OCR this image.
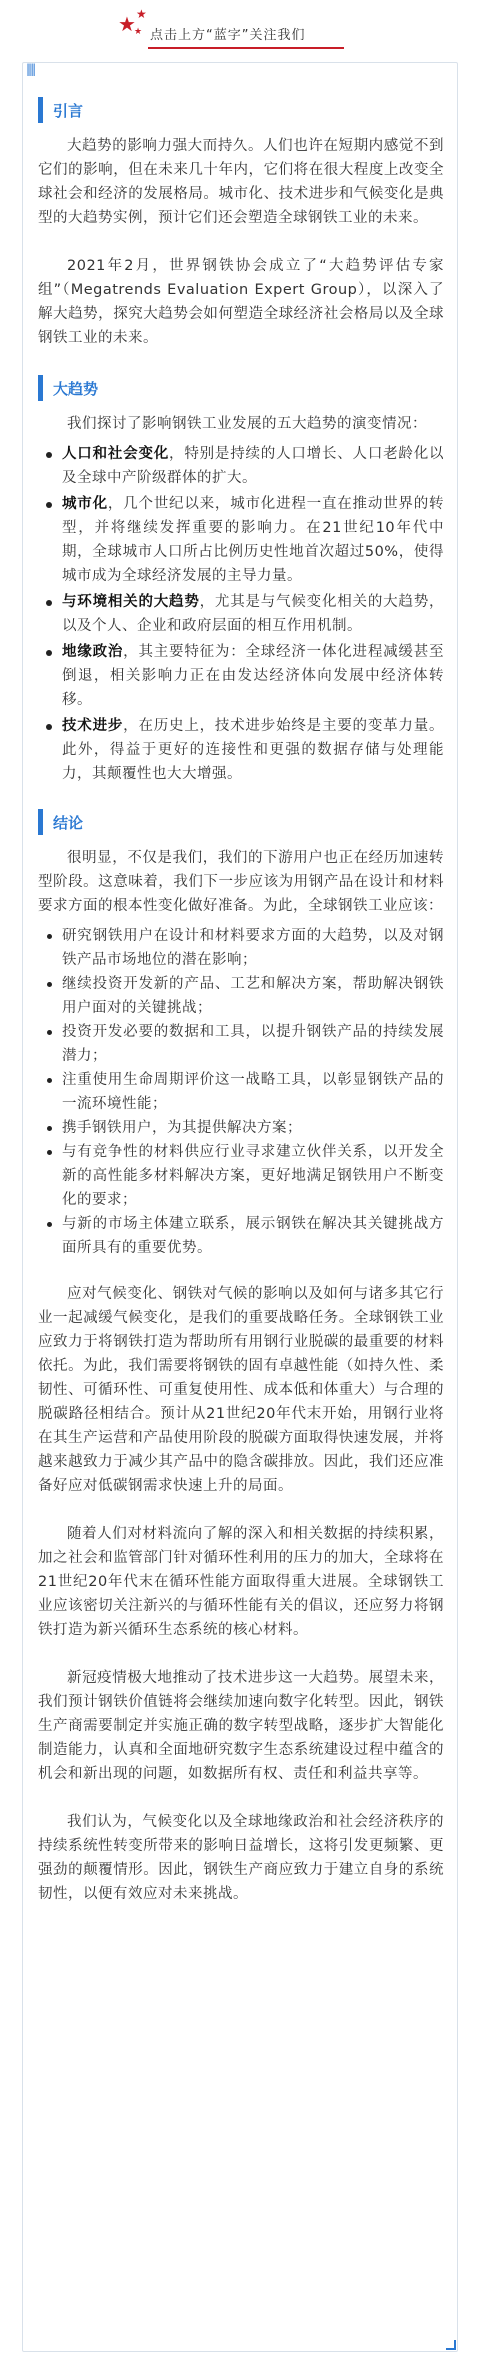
★ ★
★ 点击上方“蓝字”关注我们
||||
引言

大趋势的影响力强大而持久。人们也许在短期内感觉不到它们的影响，但在未来几十年内，它们将在很大程度上改变全球社会和经济的发展格局。城市化、技术进步和气候变化是典型的大趋势实例，预计它们还会塑造全球钢铁工业的未来。

2021年2月，世界钢铁协会成立了“大趋势评估专家组”（Megatrends Evaluation Expert Group），以深入了解大趋势，探究大趋势会如何塑造全球经济社会格局以及全球钢铁工业的未来。

大趋势

我们探讨了影响钢铁工业发展的五大趋势的演变情况：

人口和社会变化，特别是持续的人口增长、人口老龄化以及全球中产阶级群体的扩大。
城市化，几个世纪以来，城市化进程一直在推动世界的转型，并将继续发挥重要的影响力。在21世纪10年代中期，全球城市人口所占比例历史性地首次超过50%，使得城市成为全球经济发展的主导力量。
与环境相关的大趋势，尤其是与气候变化相关的大趋势，以及个人、企业和政府层面的相互作用机制。
地缘政治，其主要特征为：全球经济一体化进程减缓甚至倒退，相关影响力正在由发达经济体向发展中经济体转移。
技术进步，在历史上，技术进步始终是主要的变革力量。此外，得益于更好的连接性和更强的数据存储与处理能力，其颠覆性也大大增强。
结论

很明显，不仅是我们，我们的下游用户也正在经历加速转型阶段。这意味着，我们下一步应该为用钢产品在设计和材料要求方面的根本性变化做好准备。为此，全球钢铁工业应该：

研究钢铁用户在设计和材料要求方面的大趋势，以及对钢铁产品市场地位的潜在影响；
继续投资开发新的产品、工艺和解决方案，帮助解决钢铁用户面对的关键挑战；
投资开发必要的数据和工具，以提升钢铁产品的持续发展潜力；
注重使用生命周期评价这一战略工具，以彰显钢铁产品的一流环境性能；
携手钢铁用户，为其提供解决方案；
与有竞争性的材料供应行业寻求建立伙伴关系，以开发全新的高性能多材料解决方案，更好地满足钢铁用户不断变化的要求；
与新的市场主体建立联系，展示钢铁在解决其关键挑战方面所具有的重要优势。

应对气候变化、钢铁对气候的影响以及如何与诸多其它行业一起减缓气候变化，是我们的重要战略任务。全球钢铁工业应致力于将钢铁打造为帮助所有用钢行业脱碳的最重要的材料依托。为此，我们需要将钢铁的固有卓越性能（如持久性、柔韧性、可循环性、可重复使用性、成本低和体重大）与合理的脱碳路径相结合。预计从21世纪20年代末开始，用钢行业将在其生产运营和产品使用阶段的脱碳方面取得快速发展，并将越来越致力于减少其产品中的隐含碳排放。因此，我们还应准备好应对低碳钢需求快速上升的局面。

随着人们对材料流向了解的深入和相关数据的持续积累，加之社会和监管部门针对循环性利用的压力的加大，全球将在21世纪20年代末在循环性能方面取得重大进展。全球钢铁工业应该密切关注新兴的与循环性能有关的倡议，还应努力将钢铁打造为新兴循环生态系统的核心材料。

新冠疫情极大地推动了技术进步这一大趋势。展望未来，我们预计钢铁价值链将会继续加速向数字化转型。因此，钢铁生产商需要制定并实施正确的数字转型战略，逐步扩大智能化制造能力，认真和全面地研究数字生态系统建设过程中蕴含的机会和新出现的问题，如数据所有权、责任和利益共享等。

我们认为，气候变化以及全球地缘政治和社会经济秩序的持续系统性转变所带来的影响日益增长，这将引发更频繁、更强劲的颠覆情形。因此，钢铁生产商应致力于建立自身的系统韧性，以便有效应对未来挑战。
